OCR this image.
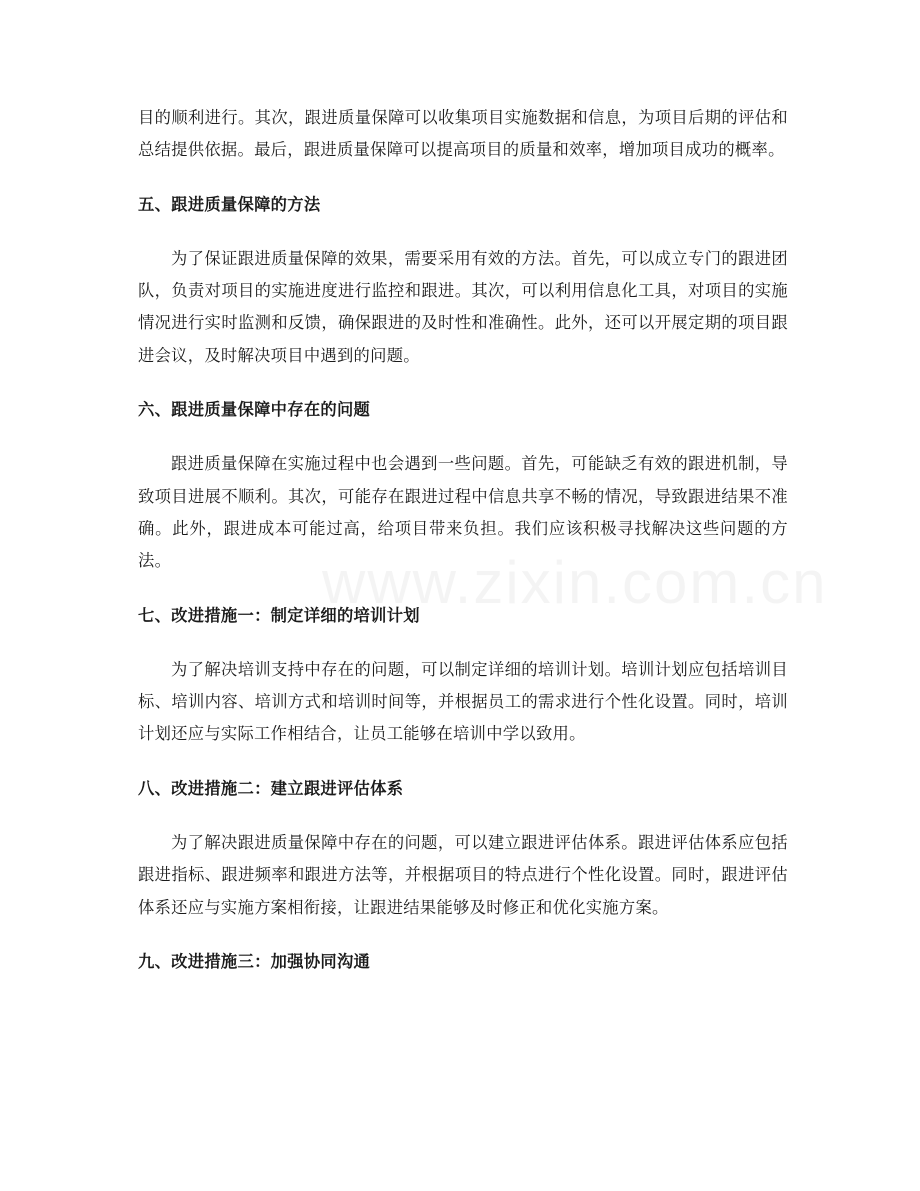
目的顺利进行。其次，跟进质量保障可以收集项目实施数据和信息，为项目后期的评估和总结提供依据。最后，跟进质量保障可以提高项目的质量和效率，增加项目成功的概率。

五、跟进质量保障的方法

为了保证跟进质量保障的效果，需要采用有效的方法。首先，可以成立专门的跟进团队，负责对项目的实施进度进行监控和跟进。其次，可以利用信息化工具，对项目的实施情况进行实时监测和反馈，确保跟进的及时性和准确性。此外，还可以开展定期的项目跟进会议，及时解决项目中遇到的问题。

六、跟进质量保障中存在的问题

跟进质量保障在实施过程中也会遇到一些问题。首先，可能缺乏有效的跟进机制，导致项目进展不顺利。其次，可能存在跟进过程中信息共享不畅的情况，导致跟进结果不准确。此外，跟进成本可能过高，给项目带来负担。我们应该积极寻找解决这些问题的方法。

七、改进措施一：制定详细的培训计划

为了解决培训支持中存在的问题，可以制定详细的培训计划。培训计划应包括培训目标、培训内容、培训方式和培训时间等，并根据员工的需求进行个性化设置。同时，培训计划还应与实际工作相结合，让员工能够在培训中学以致用。

八、改进措施二：建立跟进评估体系

为了解决跟进质量保障中存在的问题，可以建立跟进评估体系。跟进评估体系应包括跟进指标、跟进频率和跟进方法等，并根据项目的特点进行个性化设置。同时，跟进评估体系还应与实施方案相衔接，让跟进结果能够及时修正和优化实施方案。

九、改进措施三：加强协同沟通
